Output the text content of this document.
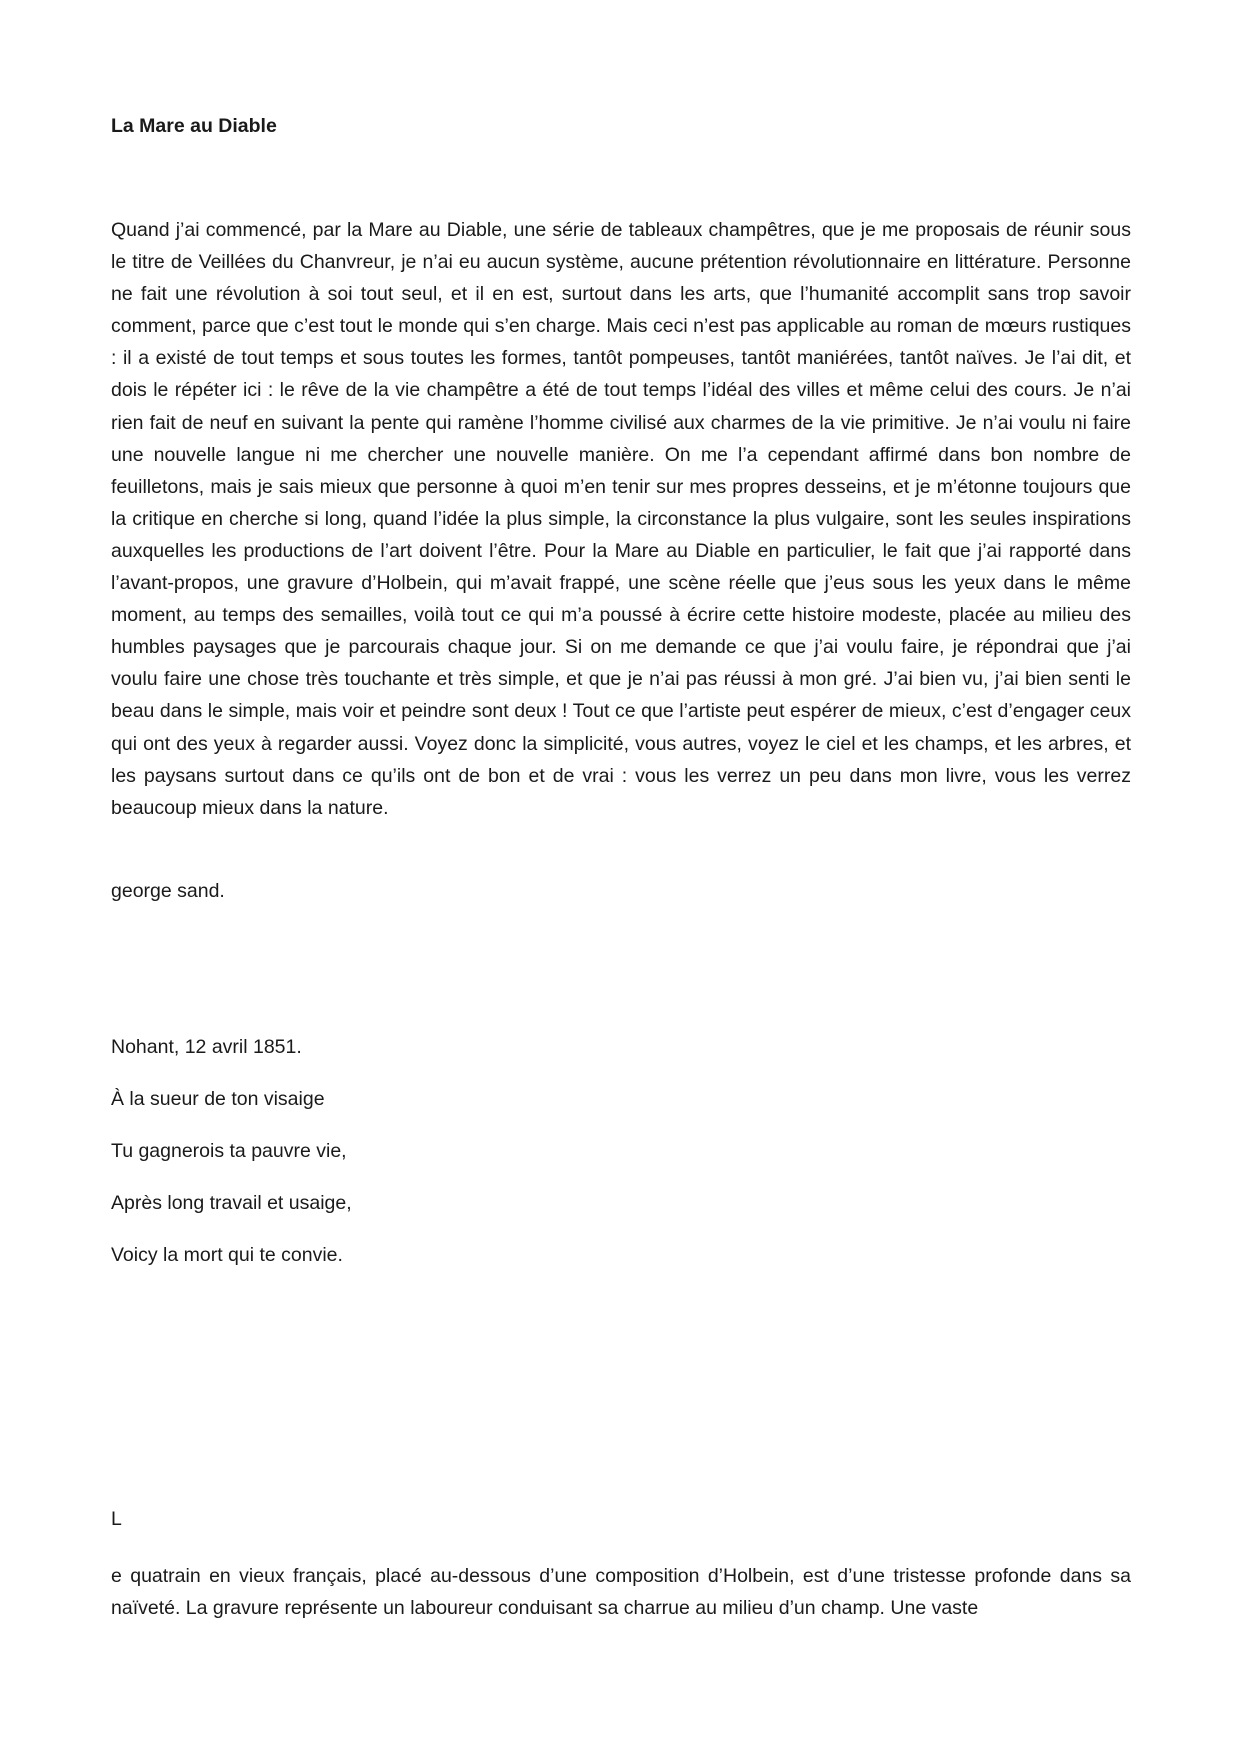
La Mare au Diable

Quand j’ai commencé, par la Mare au Diable, une série de tableaux champêtres, que je me proposais de réunir sous le titre de Veillées du Chanvreur, je n’ai eu aucun système, aucune prétention révolutionnaire en littérature. Personne ne fait une révolution à soi tout seul, et il en est, surtout dans les arts, que l’humanité accomplit sans trop savoir comment, parce que c’est tout le monde qui s’en charge. Mais ceci n’est pas applicable au roman de mœurs rustiques : il a existé de tout temps et sous toutes les formes, tantôt pompeuses, tantôt maniérées, tantôt naïves. Je l’ai dit, et dois le répéter ici : le rêve de la vie champêtre a été de tout temps l’idéal des villes et même celui des cours. Je n’ai rien fait de neuf en suivant la pente qui ramène l’homme civilisé aux charmes de la vie primitive. Je n’ai voulu ni faire une nouvelle langue ni me chercher une nouvelle manière. On me l’a cependant affirmé dans bon nombre de feuilletons, mais je sais mieux que personne à quoi m’en tenir sur mes propres desseins, et je m’étonne toujours que la critique en cherche si long, quand l’idée la plus simple, la circonstance la plus vulgaire, sont les seules inspirations auxquelles les productions de l’art doivent l’être. Pour la Mare au Diable en particulier, le fait que j’ai rapporté dans l’avant-propos, une gravure d’Holbein, qui m’avait frappé, une scène réelle que j’eus sous les yeux dans le même moment, au temps des semailles, voilà tout ce qui m’a poussé à écrire cette histoire modeste, placée au milieu des humbles paysages que je parcourais chaque jour. Si on me demande ce que j’ai voulu faire, je répondrai que j’ai voulu faire une chose très touchante et très simple, et que je n’ai pas réussi à mon gré. J’ai bien vu, j’ai bien senti le beau dans le simple, mais voir et peindre sont deux ! Tout ce que l’artiste peut espérer de mieux, c’est d’engager ceux qui ont des yeux à regarder aussi. Voyez donc la simplicité, vous autres, voyez le ciel et les champs, et les arbres, et les paysans surtout dans ce qu’ils ont de bon et de vrai : vous les verrez un peu dans mon livre, vous les verrez beaucoup mieux dans la nature.

george sand.

Nohant, 12 avril 1851.

À la sueur de ton visaige

Tu gagnerois ta pauvre vie,

Après long travail et usaige,

Voicy la mort qui te convie.

L

e quatrain en vieux français, placé au-dessous d’une composition d’Holbein, est d’une tristesse profonde dans sa naïveté. La gravure représente un laboureur conduisant sa charrue au milieu d’un champ. Une vaste
